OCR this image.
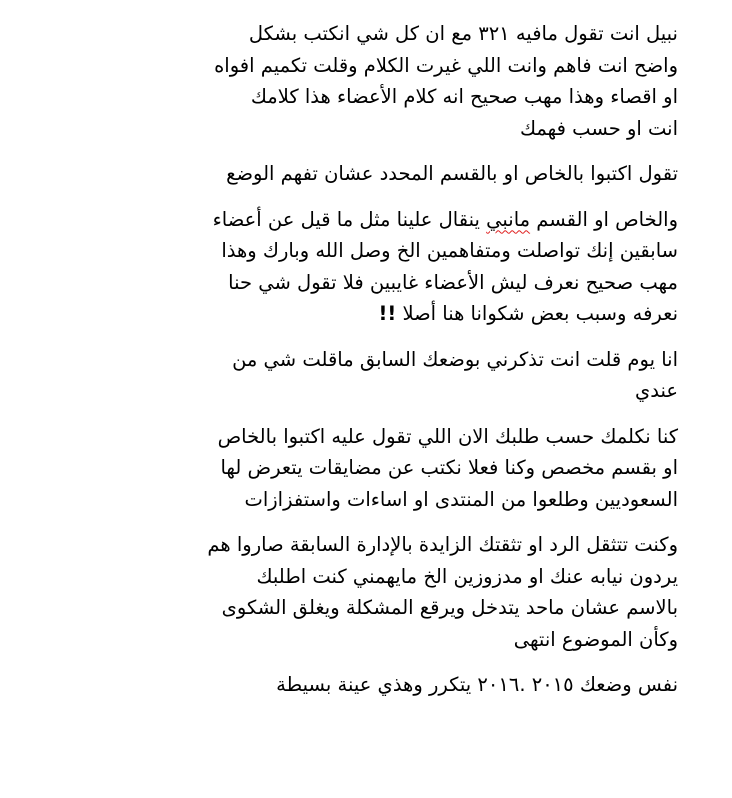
نبيل انت تقول مافيه ٣٢١ مع ان كل شي انكتب بشكل
واضح انت فاهم وانت اللي غيرت الكلام وقلت تكميم افواه
او اقصاء وهذا مهب صحيح انه كلام الأعضاء هذا كلامك
انت او حسب فهمك
تقول اكتبوا بالخاص او بالقسم المحدد عشان تفهم الوضع
والخاص او القسم مانبي ينقال علينا مثل ما قيل عن أعضاء
سابقين إنك تواصلت ومتفاهمين الخ وصل الله وبارك وهذا
مهب صحيح نعرف ليش الأعضاء غايبين فلا تقول شي حنا
نعرفه وسبب بعض شكوانا هنا أصلا !!
انا يوم قلت انت تذكرني بوضعك السابق ماقلت شي من
عندي
كنا نكلمك حسب طلبك الان اللي تقول عليه اكتبوا بالخاص
او بقسم مخصص وكنا فعلا نكتب عن مضايقات يتعرض لها
السعوديين وطلعوا من المنتدى او اساءات واستفزازات
وكنت تتثقل الرد او تثقتك الزايدة بالإدارة السابقة صاروا هم
يردون نيابه عنك او مدزوزين الخ مايهمني كنت اطلبك
بالاسم عشان ماحد يتدخل ويرقع المشكلة ويغلق الشكوى
وكأن الموضوع انتهى
نفس وضعك ٢٠١٥ .٢٠١٦ يتكرر وهذي عينة بسيطة
